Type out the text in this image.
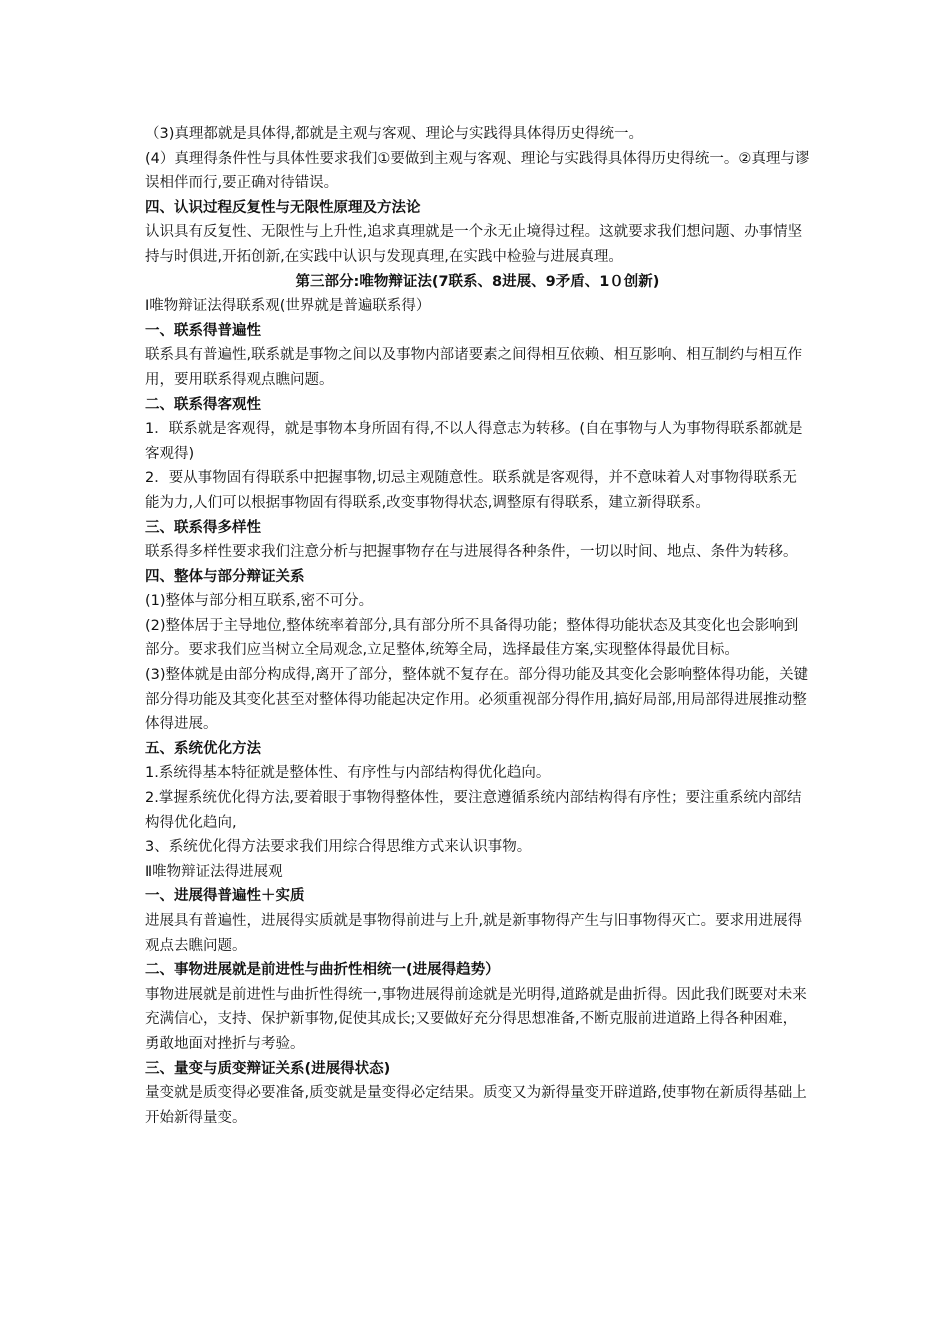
（3)真理都就是具体得,都就是主观与客观、理论与实践得具体得历史得统一。

(4）真理得条件性与具体性要求我们①要做到主观与客观、理论与实践得具体得历史得统一。②真理与谬误相伴而行,要正确对待错误。

四、认识过程反复性与无限性原理及方法论

认识具有反复性、无限性与上升性,追求真理就是一个永无止境得过程。这就要求我们想问题、办事情坚持与时俱进,开拓创新,在实践中认识与发现真理,在实践中检验与进展真理。

第三部分:唯物辩证法(7联系、8进展、9矛盾、1０创新)

Ⅰ唯物辩证法得联系观(世界就是普遍联系得）

一、联系得普遍性

联系具有普遍性,联系就是事物之间以及事物内部诸要素之间得相互依赖、相互影响、相互制约与相互作用，要用联系得观点瞧问题。

二、联系得客观性

1．联系就是客观得，就是事物本身所固有得,不以人得意志为转移。(自在事物与人为事物得联系都就是客观得)

2．要从事物固有得联系中把握事物,切忌主观随意性。联系就是客观得，并不意味着人对事物得联系无能为力,人们可以根据事物固有得联系,改变事物得状态,调整原有得联系，建立新得联系。

三、联系得多样性

联系得多样性要求我们注意分析与把握事物存在与进展得各种条件，一切以时间、地点、条件为转移。

四、整体与部分辩证关系

(1)整体与部分相互联系,密不可分。

(2)整体居于主导地位,整体统率着部分,具有部分所不具备得功能；整体得功能状态及其变化也会影响到部分。要求我们应当树立全局观念,立足整体,统筹全局，选择最佳方案,实现整体得最优目标。

(3)整体就是由部分构成得,离开了部分，整体就不复存在。部分得功能及其变化会影响整体得功能，关键部分得功能及其变化甚至对整体得功能起决定作用。必须重视部分得作用,搞好局部,用局部得进展推动整体得进展。

五、系统优化方法

1.系统得基本特征就是整体性、有序性与内部结构得优化趋向。

2.掌握系统优化得方法,要着眼于事物得整体性，要注意遵循系统内部结构得有序性；要注重系统内部结构得优化趋向,

3、系统优化得方法要求我们用综合得思维方式来认识事物。

Ⅱ唯物辩证法得进展观

一、进展得普遍性＋实质

进展具有普遍性，进展得实质就是事物得前进与上升,就是新事物得产生与旧事物得灭亡。要求用进展得观点去瞧问题。

二、事物进展就是前进性与曲折性相统一(进展得趋势）

事物进展就是前进性与曲折性得统一,事物进展得前途就是光明得,道路就是曲折得。因此我们既要对未来充满信心，支持、保护新事物,促使其成长;又要做好充分得思想准备,不断克服前进道路上得各种困难，勇敢地面对挫折与考验。

三、量变与质变辩证关系(进展得状态)

量变就是质变得必要准备,质变就是量变得必定结果。质变又为新得量变开辟道路,使事物在新质得基础上开始新得量变。
